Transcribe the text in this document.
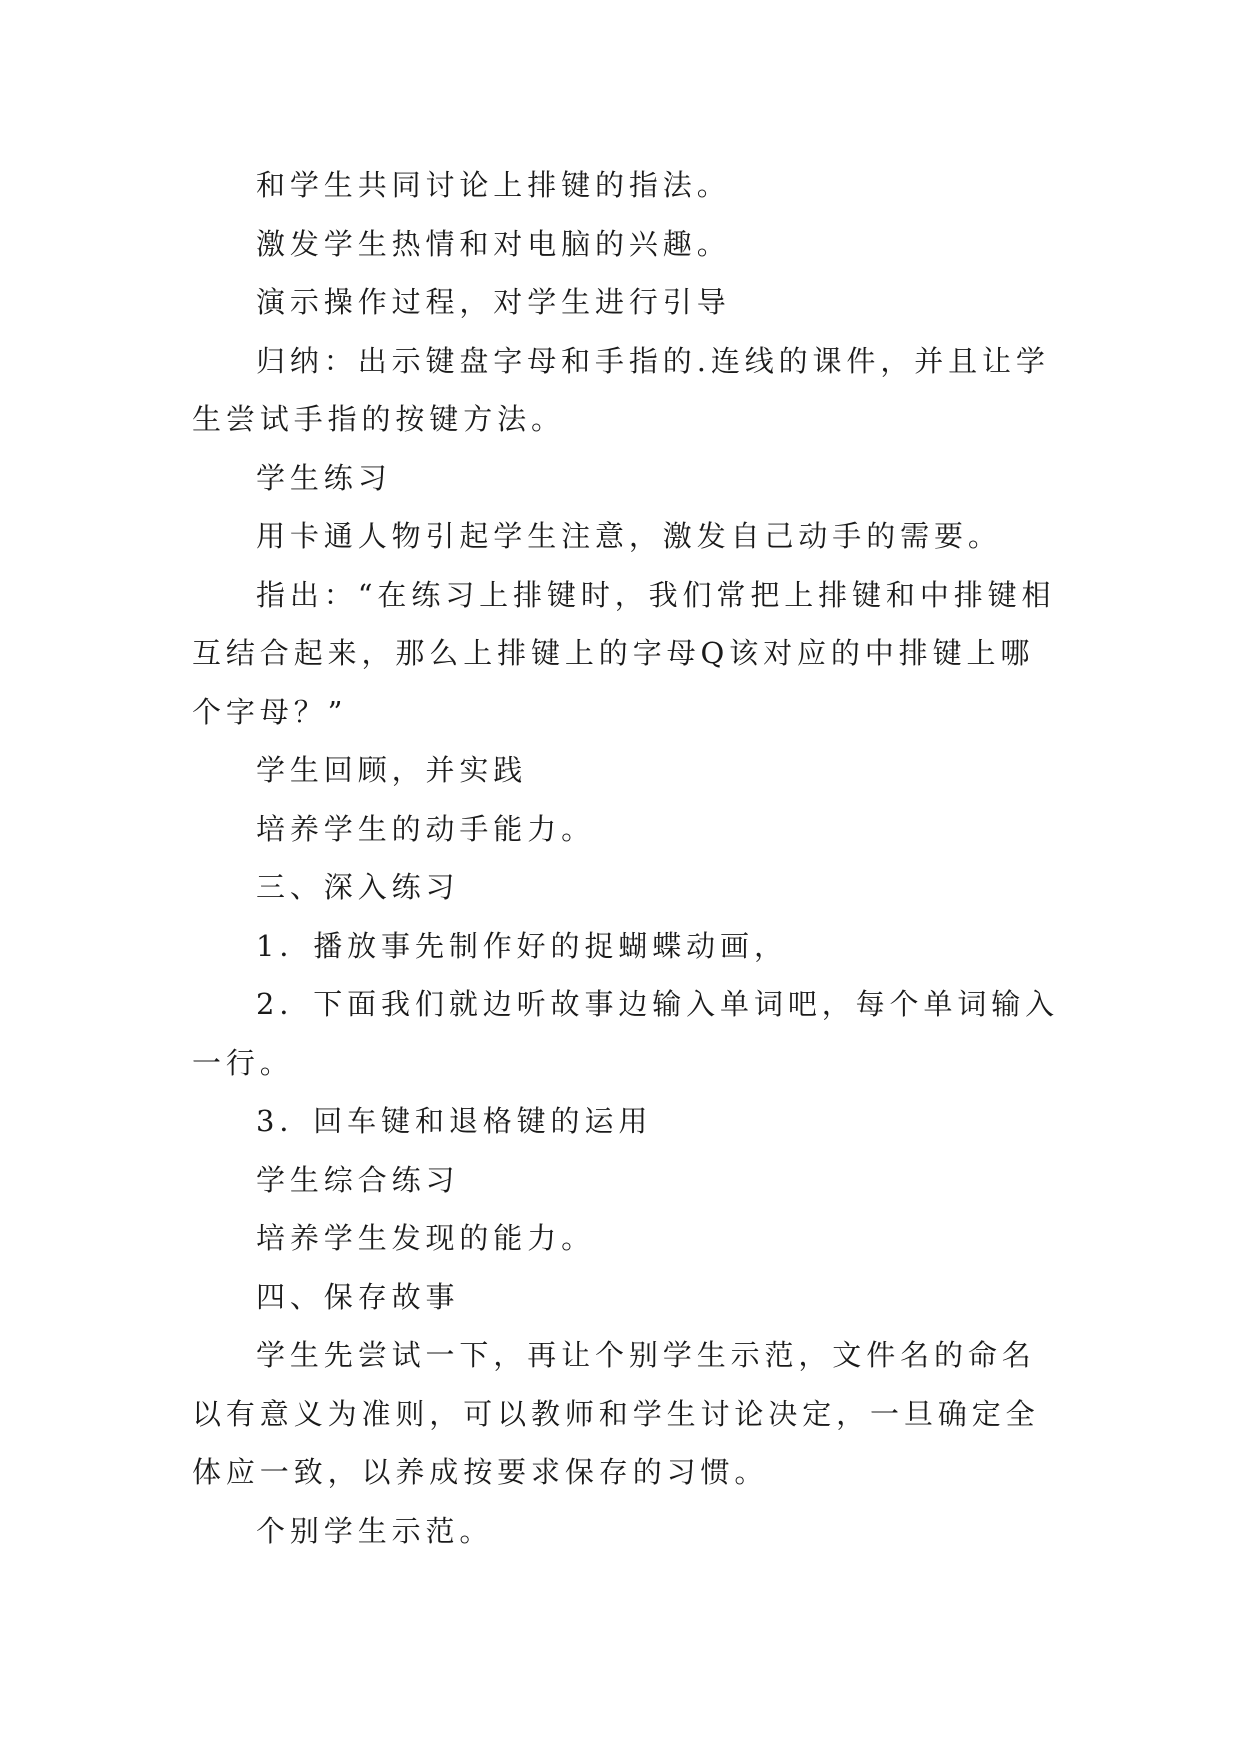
和学生共同讨论上排键的指法。

激发学生热情和对电脑的兴趣。

演示操作过程，对学生进行引导

归纳：出示键盘字母和手指的.连线的课件，并且让学生尝试手指的按键方法。

学生练习

用卡通人物引起学生注意，激发自己动手的需要。

指出：“在练习上排键时，我们常把上排键和中排键相互结合起来，那么上排键上的字母Q该对应的中排键上哪个字母？”

学生回顾，并实践

培养学生的动手能力。

三、深入练习

1．播放事先制作好的捉蝴蝶动画，

2．下面我们就边听故事边输入单词吧，每个单词输入一行。

3．回车键和退格键的运用

学生综合练习

培养学生发现的能力。

四、保存故事

学生先尝试一下，再让个别学生示范，文件名的命名以有意义为准则，可以教师和学生讨论决定，一旦确定全体应一致，以养成按要求保存的习惯。

个别学生示范。
